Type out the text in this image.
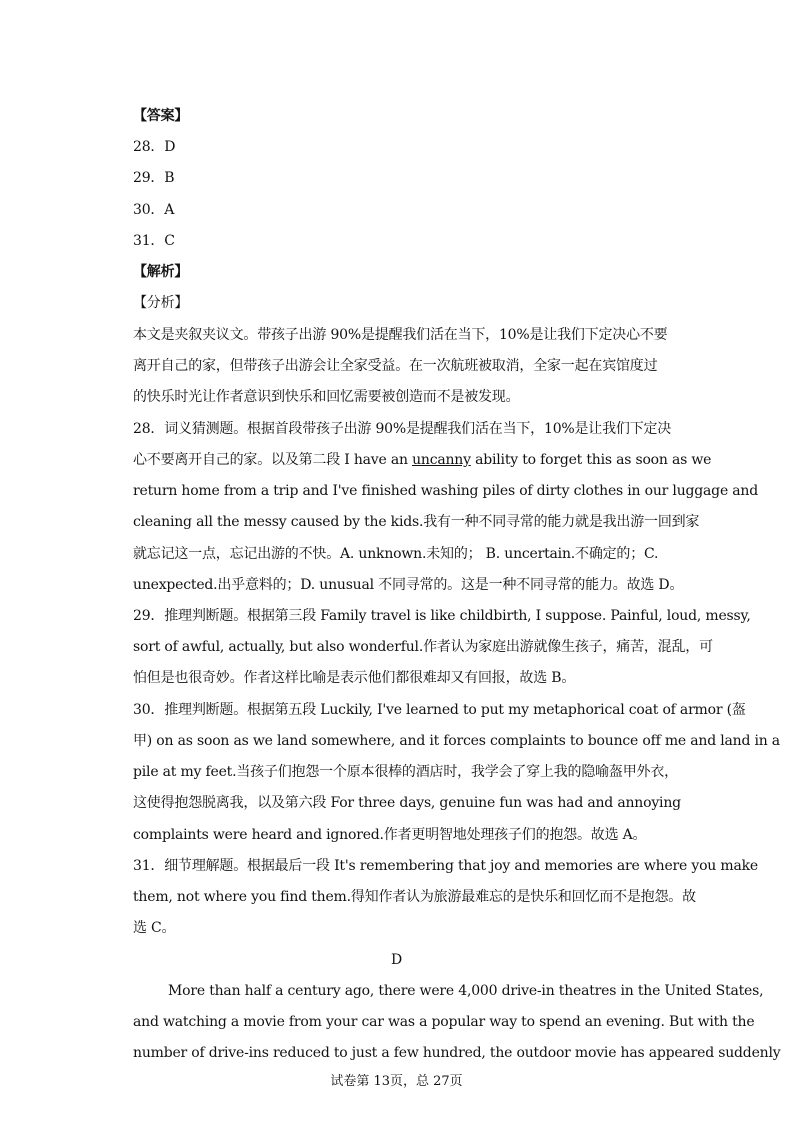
【答案】
28．D
29．B
30．A
31．C
【解析】
【分析】
本文是夹叙夹议文。带孩子出游 90%是提醒我们活在当下，10%是让我们下定决心不要
离开自己的家，但带孩子出游会让全家受益。在一次航班被取消，全家一起在宾馆度过
的快乐时光让作者意识到快乐和回忆需要被创造而不是被发现。
28．词义猜测题。根据首段带孩子出游 90%是提醒我们活在当下，10%是让我们下定决
心不要离开自己的家。以及第二段 I have an uncanny ability to forget this as soon as we
return home from a trip and I've finished washing piles of dirty clothes in our luggage and
cleaning all the messy caused by the kids.我有一种不同寻常的能力就是我出游一回到家
就忘记这一点，忘记出游的不快。A. unknown.未知的； B. uncertain.不确定的；C.
unexpected.出乎意料的；D. unusual 不同寻常的。这是一种不同寻常的能力。故选 D。
29．推理判断题。根据第三段 Family travel is like childbirth, I suppose. Painful, loud, messy,
sort of awful, actually, but also wonderful.作者认为家庭出游就像生孩子，痛苦，混乱，可
怕但是也很奇妙。作者这样比喻是表示他们都很难却又有回报，故选 B。
30．推理判断题。根据第五段 Luckily, I've learned to put my metaphorical coat of armor (盔
甲) on as soon as we land somewhere, and it forces complaints to bounce off me and land in a
pile at my feet.当孩子们抱怨一个原本很棒的酒店时，我学会了穿上我的隐喻盔甲外衣，
这使得抱怨脱离我，以及第六段 For three days, genuine fun was had and annoying
complaints were heard and ignored.作者更明智地处理孩子们的抱怨。故选 A。
31．细节理解题。根据最后一段 It's remembering that joy and memories are where you make
them, not where you find them.得知作者认为旅游最难忘的是快乐和回忆而不是抱怨。故
选 C。
D
More than half a century ago, there were 4,000 drive-in theatres in the United States,
and watching a movie from your car was a popular way to spend an evening. But with the
number of drive-ins reduced to just a few hundred, the outdoor movie has appeared suddenly
试卷第 13页，总 27页
